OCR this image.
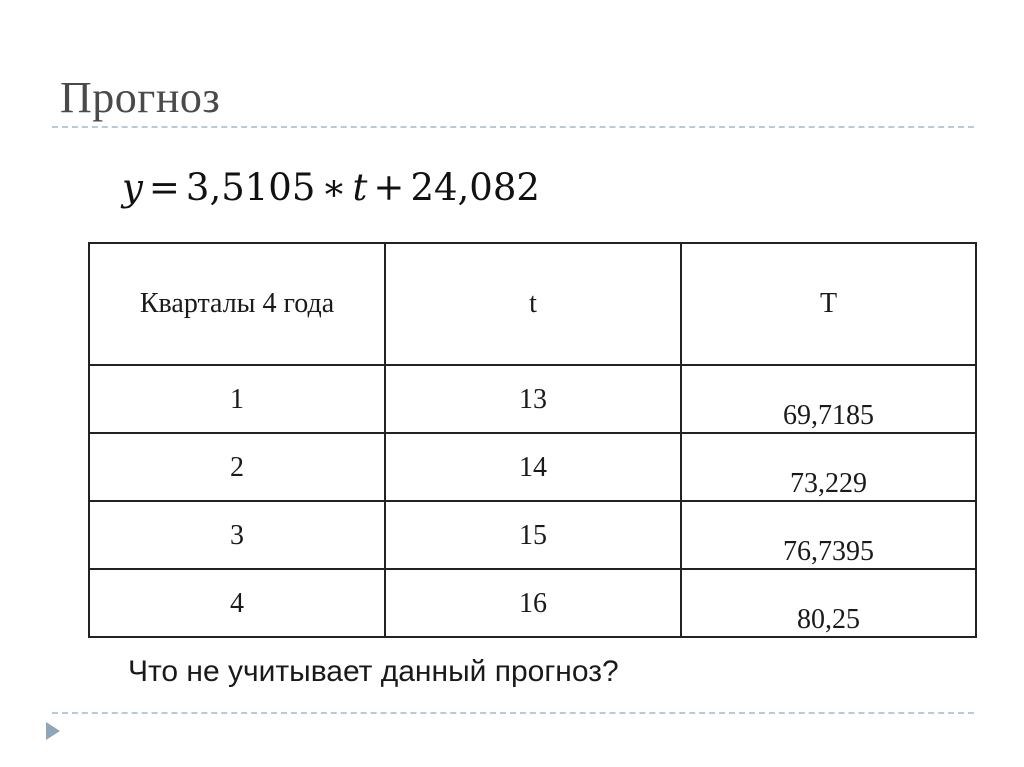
Прогноз
y = 3,5105 ∗ t + 24,082
Кварталы 4 года	t	T
1	13	69,7185
2	14	73,229
3	15	76,7395
4	16	80,25
Что не учитывает данный прогноз?
